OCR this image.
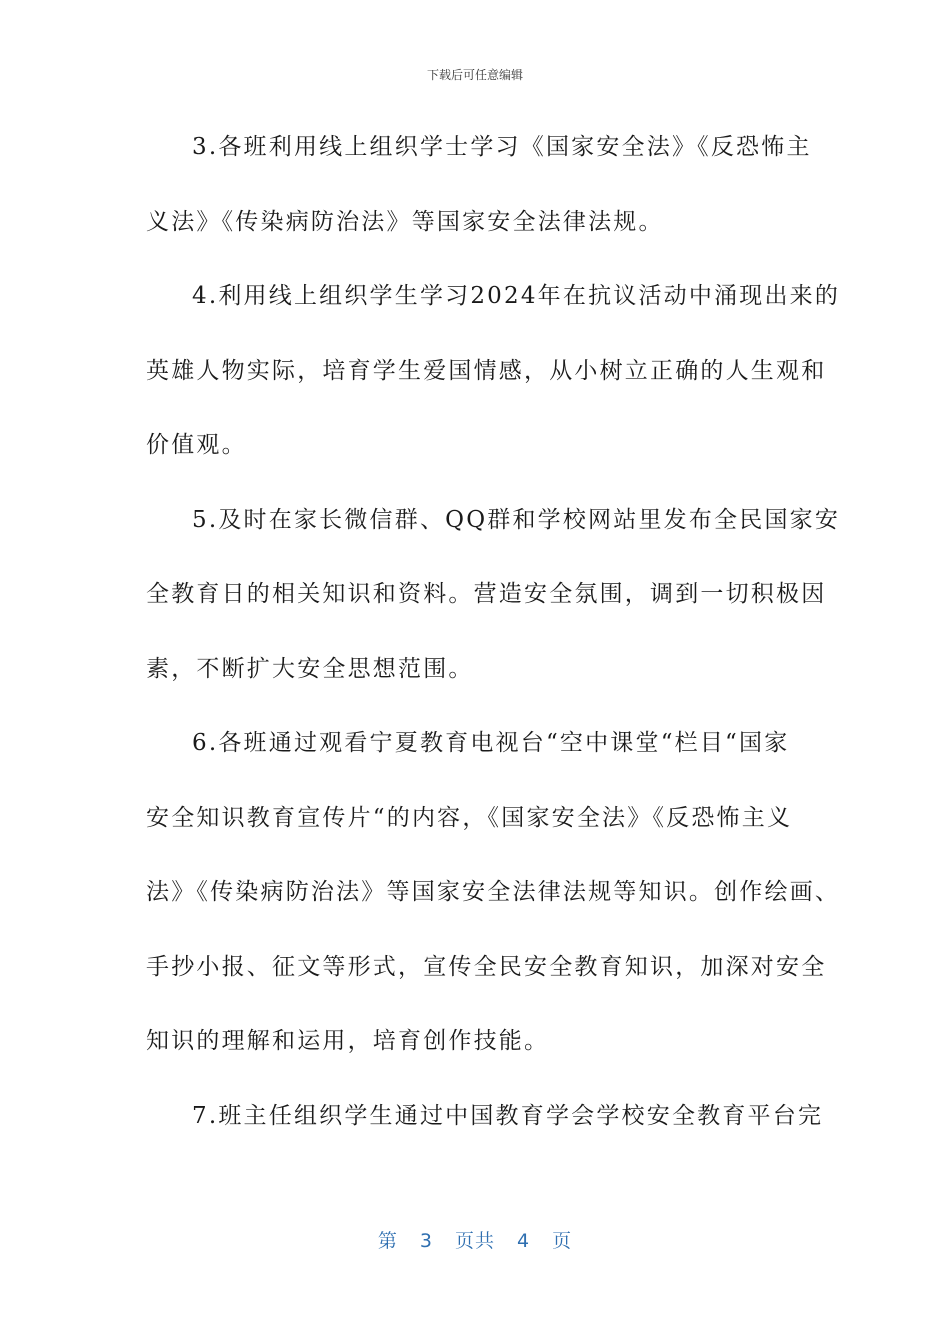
下载后可任意编辑

3.各班利用线上组织学士学习《国家安全法》《反恐怖主
义法》《传染病防治法》等国家安全法律法规。

4.利用线上组织学生学习2024年在抗议活动中涌现出来的
英雄人物实际，培育学生爱国情感，从小树立正确的人生观和
价值观。

5.及时在家长微信群、QQ群和学校网站里发布全民国家安
全教育日的相关知识和资料。营造安全氛围，调到一切积极因
素，不断扩大安全思想范围。

6.各班通过观看宁夏教育电视台“空中课堂“栏目“国家
安全知识教育宣传片“的内容，《国家安全法》《反恐怖主义
法》《传染病防治法》等国家安全法律法规等知识。创作绘画、
手抄小报、征文等形式，宣传全民安全教育知识，加深对安全
知识的理解和运用，培育创作技能。

7.班主任组织学生通过中国教育学会学校安全教育平台完

第 3 页共 4 页
